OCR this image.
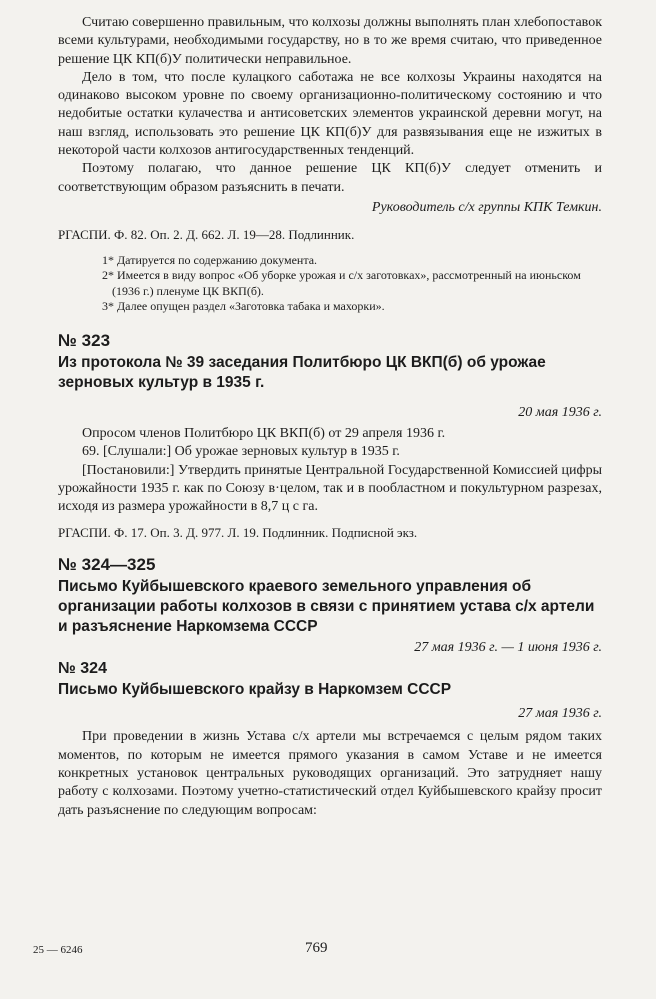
Считаю совершенно правильным, что колхозы должны выполнять план хлебопоставок всеми культурами, необходимыми государству, но в то же время считаю, что приведенное решение ЦК КП(б)У политически неправильное.

Дело в том, что после кулацкого саботажа не все колхозы Украины находятся на одинаково высоком уровне по своему организационно-политическому состоянию и что недобитые остатки кулачества и антисоветских элементов украинской деревни могут, на наш взгляд, использовать это решение ЦК КП(б)У для развязывания еще не изжитых в некоторой части колхозов антигосударственных тенденций.

Поэтому полагаю, что данное решение ЦК КП(б)У следует отменить и соответствующим образом разъяснить в печати.

Руководитель с/х группы КПК Темкин.

РГАСПИ. Ф. 82. Оп. 2. Д. 662. Л. 19—28. Подлинник.

1* Датируется по содержанию документа.

2* Имеется в виду вопрос «Об уборке урожая и с/х заготовках», рассмотренный на июньском (1936 г.) пленуме ЦК ВКП(б).

3* Далее опущен раздел «Заготовка табака и махорки».

№ 323

Из протокола № 39 заседания Политбюро ЦК ВКП(б) об урожае зерновых культур в 1935 г.

20 мая 1936 г.

Опросом членов Политбюро ЦК ВКП(б) от 29 апреля 1936 г.

69. [Слушали:] Об урожае зерновых культур в 1935 г.

[Постановили:] Утвердить принятые Центральной Государственной Комиссией цифры урожайности 1935 г. как по Союзу в·целом, так и в пообластном и покультурном разрезах, исходя из размера урожайности в 8,7 ц с га.

РГАСПИ. Ф. 17. Оп. 3. Д. 977. Л. 19. Подлинник. Подписной экз.

№ 324—325

Письмо Куйбышевского краевого земельного управления об организации работы колхозов в связи с принятием устава с/х артели и разъяснение Наркомзема СССР

27 мая 1936 г. — 1 июня 1936 г.

№ 324

Письмо Куйбышевского крайзу в Наркомзем СССР

27 мая 1936 г.

При проведении в жизнь Устава с/х артели мы встречаемся с целым рядом таких моментов, по которым не имеется прямого указания в самом Уставе и не имеется конкретных установок центральных руководящих организаций. Это затрудняет нашу работу с колхозами. Поэтому учетно-статистический отдел Куйбышевского крайзу просит дать разъяснение по следующим вопросам:

25 — 6246	769
